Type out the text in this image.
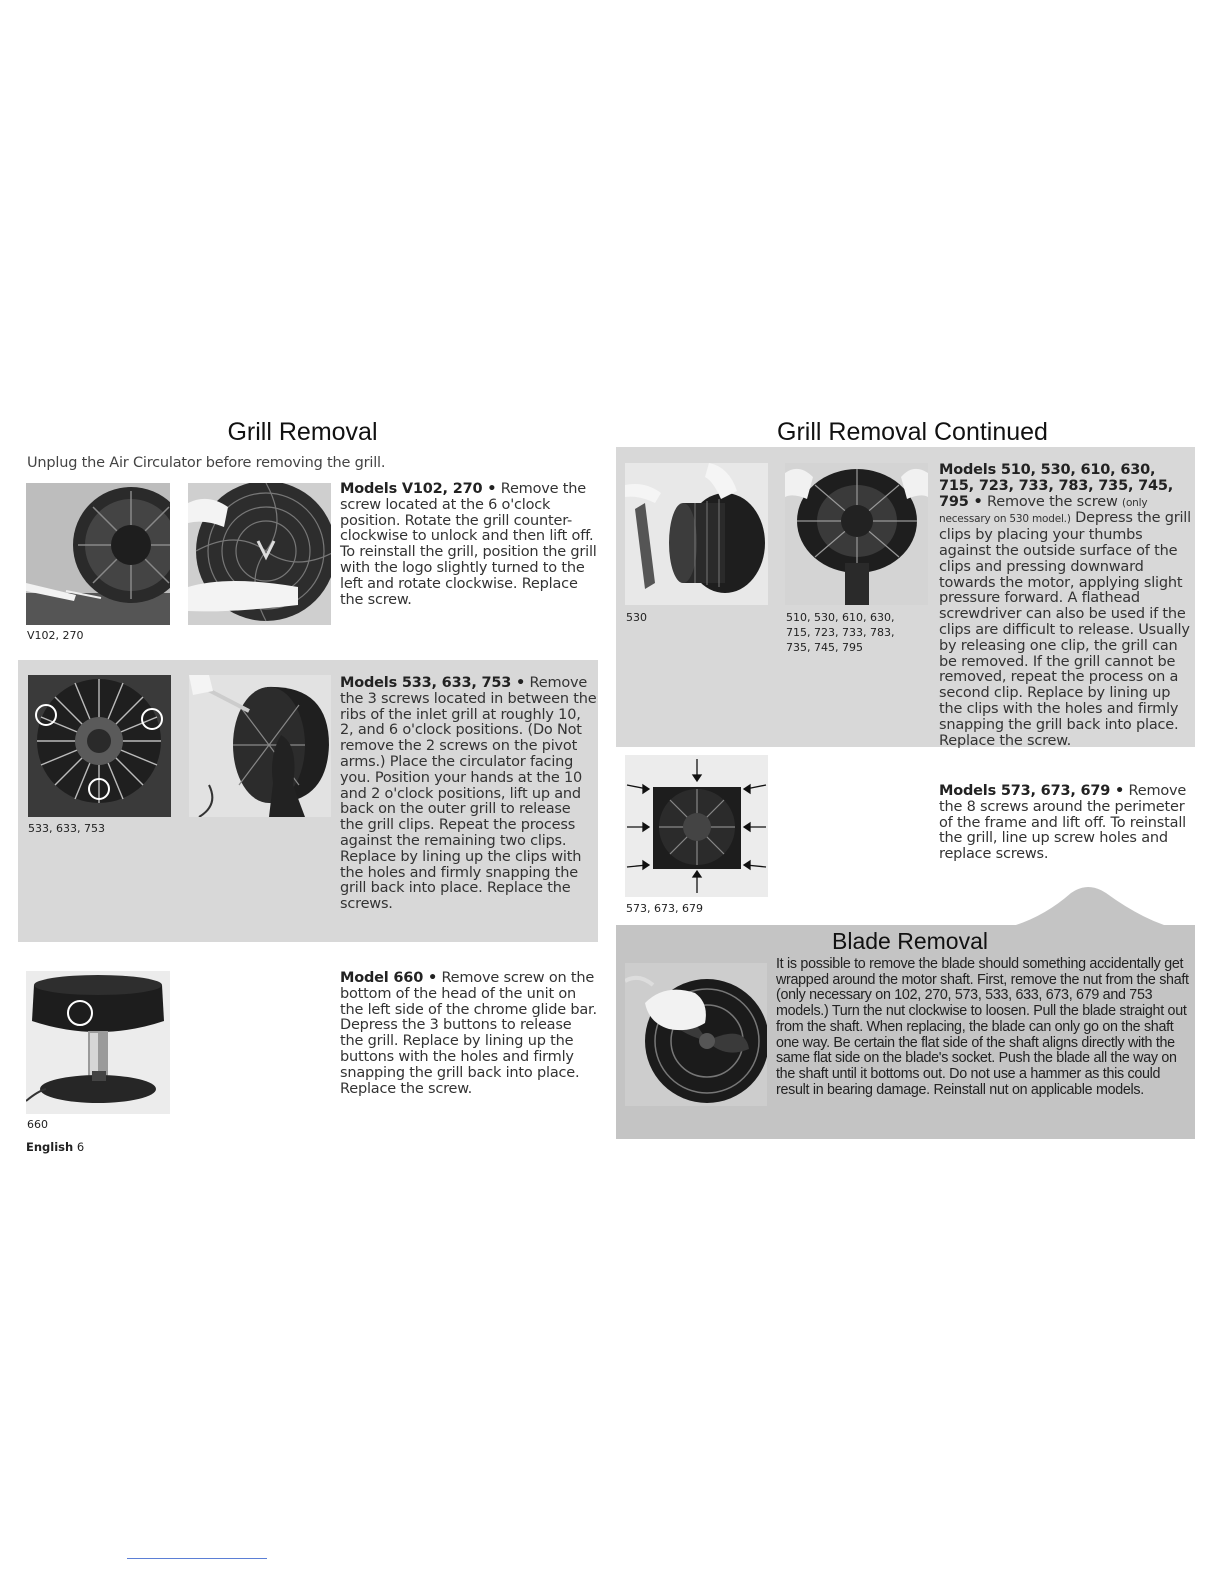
Grill Removal
Unplug the Air Circulator before removing the grill.
V102, 270
Models V102, 270 • Remove the screw located at the 6 o'clock position. Rotate the grill counter-clockwise to unlock and then lift off. To reinstall the grill, position the grill with the logo slightly turned to the left and rotate clockwise. Replace the screw.
533, 633, 753
Models 533, 633, 753 • Remove the 3 screws located in between the ribs of the inlet grill at roughly 10, 2, and 6 o'clock positions. (Do Not remove the 2 screws on the pivot arms.) Place the circulator facing you. Position your hands at the 10 and 2 o'clock positions, lift up and back on the outer grill to release the grill clips. Repeat the process against the remaining two clips. Replace by lining up the clips with the holes and firmly snapping the grill back into place. Replace the screws.
660
Model 660 • Remove screw on the bottom of the head of the unit on the left side of the chrome glide bar. Depress the 3 buttons to release the grill. Replace by lining up the buttons with the holes and firmly snapping the grill back into place. Replace the screw.
English 6
Grill Removal Continued
530	510, 530, 610, 630, 715, 723, 733, 783, 735, 745, 795
Models 510, 530, 610, 630, 715, 723, 733, 783, 735, 745, 795 • Remove the screw (only necessary on 530 model.) Depress the grill clips by placing your thumbs against the outside surface of the clips and pressing downward towards the motor, applying slight pressure forward. A flathead screwdriver can also be used if the clips are difficult to release. Usually by releasing one clip, the grill can be removed. If the grill cannot be removed, repeat the process on a second clip. Replace by lining up the clips with the holes and firmly snapping the grill back into place. Replace the screw.
573, 673, 679
Models 573, 673, 679 • Remove the 8 screws around the perimeter of the frame and lift off. To reinstall the grill, line up screw holes and replace screws.
Blade Removal
It is possible to remove the blade should something accidentally get wrapped around the motor shaft. First, remove the nut from the shaft (only necessary on 102, 270, 573, 533, 633, 673, 679 and 753 models.) Turn the nut clockwise to loosen. Pull the blade straight out from the shaft. When replacing, the blade can only go on the shaft one way. Be certain the flat side of the shaft aligns directly with the same flat side on the blade's socket. Push the blade all the way on the shaft until it bottoms out. Do not use a hammer as this could result in bearing damage. Reinstall nut on applicable models.
